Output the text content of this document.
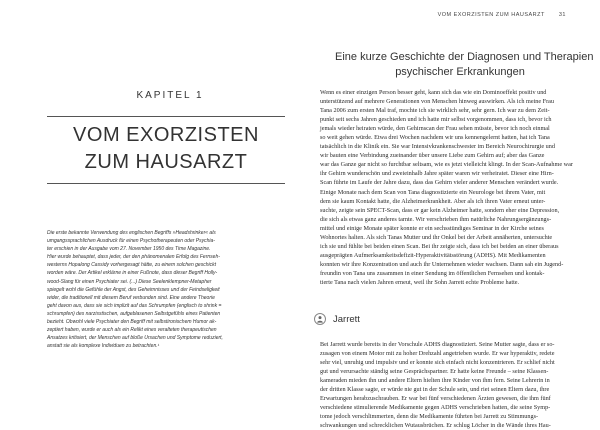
KAPITEL 1
VOM EXORZISTEN
ZUM HAUSARZT
Die erste bekannte Verwendung des englischen Begriffs »Headshrinker« als
umgangssprachlichen Ausdruck für einen Psychotherapeuten oder Psychia-
ter erschien in der Ausgabe vom 27. November 1950 des Time Magazine.
Hier wurde behauptet, dass jeder, der den phänomenalen Erfolg des Fernseh-
westerns Hopalong Cassidy vorhergesagt hätte, zu einem solchen geschickt
worden wäre. Der Artikel erklärne in einer Fußnote, dass dieser Begriff Holly-
wood-Slang für einen Psychiater sei. (...) Diese Seelenklempner-Metapher
spiegelt wohl die Gefühle der Angst, des Geheimnisses und der Feindseligkeit
wider, die traditionell mit diesem Beruf verbunden sind. Eine andere Theorie
geht davon aus, dass sie sich implizit auf das Schrumpfen (englisch to shrink =
schrumpfen) des narzisstischen, aufgeblasenen Selbstgefühls eines Patienten
bezieht. Obwohl viele Psychiater den Begriff mit selbstironischem Humor ak-
zeptiert haben, wurde er auch als ein Relikt eines veralteten therapeutischen
Ansatzes kritisiert, der Menschen auf bloße Ursachen und Symptome reduziert,
anstatt sie als komplexe Individuen zu betrachten.¹
VOM EXORZISTEN ZUM HAUSARZT	31
Eine kurze Geschichte der Diagnosen und Therapien
psychischer Erkrankungen
Wenn es einer einzigen Person besser geht, kann sich das wie ein Dominoeffekt positiv und
unterstützend auf mehrere Generationen von Menschen hinweg auswirken. Als ich meine Frau
Tana 2006 zum ersten Mal traf, mochte ich sie wirklich sehr, sehr gern. Ich war zu dem Zeit-
punkt seit sechs Jahren geschieden und ich hatte mir selbst vorgenommen, dass ich, bevor ich
jemals wieder heiraten würde, den Gehirnscan der Frau sehen müsste, bevor ich noch einmal
so weit gehen würde. Etwa drei Wochen nachdem wir uns kennengelernt hatten, hat ich Tana
tatsächlich in die Klinik ein. Sie war Intensivkrankenschwester im Bereich Neurochirurgie und
wir bauten eine Verbindung zueinander über unsere Liebe zum Gehirn auf; aber das Ganze
war das Ganze gar nicht so furchtbar seltsam, wie es jetzt vielleicht klingt. In der Scan-Aufnahme war
ihr Gehirn wunderschön und zweieinhalb Jahre später waren wir verheiratet. Dieser eine Hirn-
Scan führte im Laufe der Jahre dazu, dass das Gehirn vieler anderer Menschen verändert wurde.
Einige Monate nach dem Scan von Tana diagnostizierte ein Neurologe bei ihrem Vater, mit
dem sie kaum Kontakt hatte, die Alzheimerkrankheit. Aber als ich ihren Vater erneut unter-
suchte, zeigte sein SPECT-Scan, dass er gar kein Alzheimer hatte, sondern eher eine Depression,
die sich als etwas ganz anderes tarnte. Wir verschrieben ihm natürliche Nahrungsergänzungs-
mittel und einige Monate später konnte er ein sechsstündiges Seminar in der Kirche seines
Wohnortes halten. Als sich Tanas Mutter und ihr Onkel bei der Arbeit annäherten, untersuchte
ich sie und fühlte bei beiden einen Scan. Bei ihr zeigte sich, dass ich bei beiden an einer überaus
ausgeprägten Aufmerksamkeitsdefizit-Hyperaktivitätsstörung (ADHS). Mit Medikamenten
konnten wir ihre Konzentration und auch ihr Unternehmen wieder wachsen. Dann sah ein Jugend-
freundin von Tana uns zusammen in einer Sendung im öffentlichen Fernsehen und kontak-
tierte Tana nach vielen Jahren erneut, weil ihr Sohn Jarrett echte Probleme hatte.
Jarrett
Bei Jarrett wurde bereits in der Vorschule ADHS diagnostiziert. Seine Mutter sagte, dass er so-
zusagen von einem Motor mit zu hoher Drehzahl angetrieben wurde. Er war hyperaktiv, redete
sehr viel, unruhig und impulsiv und er konnte sich einfach nicht konzentrieren. Er schlief nicht
gut und verursachte ständig seine Gesprächspartner. Er hatte keine Freunde – seine Klassen-
kameraden mieden ihn und andere Eltern hielten ihre Kinder von ihm fern. Seine Lehrerin in
der dritten Klasse sagte, er würde nie gut in der Schule sein, und riet seinen Eltern dazu, ihre
Erwartungen herabzuschrauben. Er war bei fünf verschiedenen Ärzten gewesen, die ihm fünf
verschiedene stimulierende Medikamente gegen ADHS verschrieben hatten, die seine Symp-
tome jedoch verschlimmerten, denn die Medikamente führten bei Jarrett zu Stimmungs-
schwankungen und schrecklichen Wutausbrüchen. Er schlug Löcher in die Wände ihres Hau-
